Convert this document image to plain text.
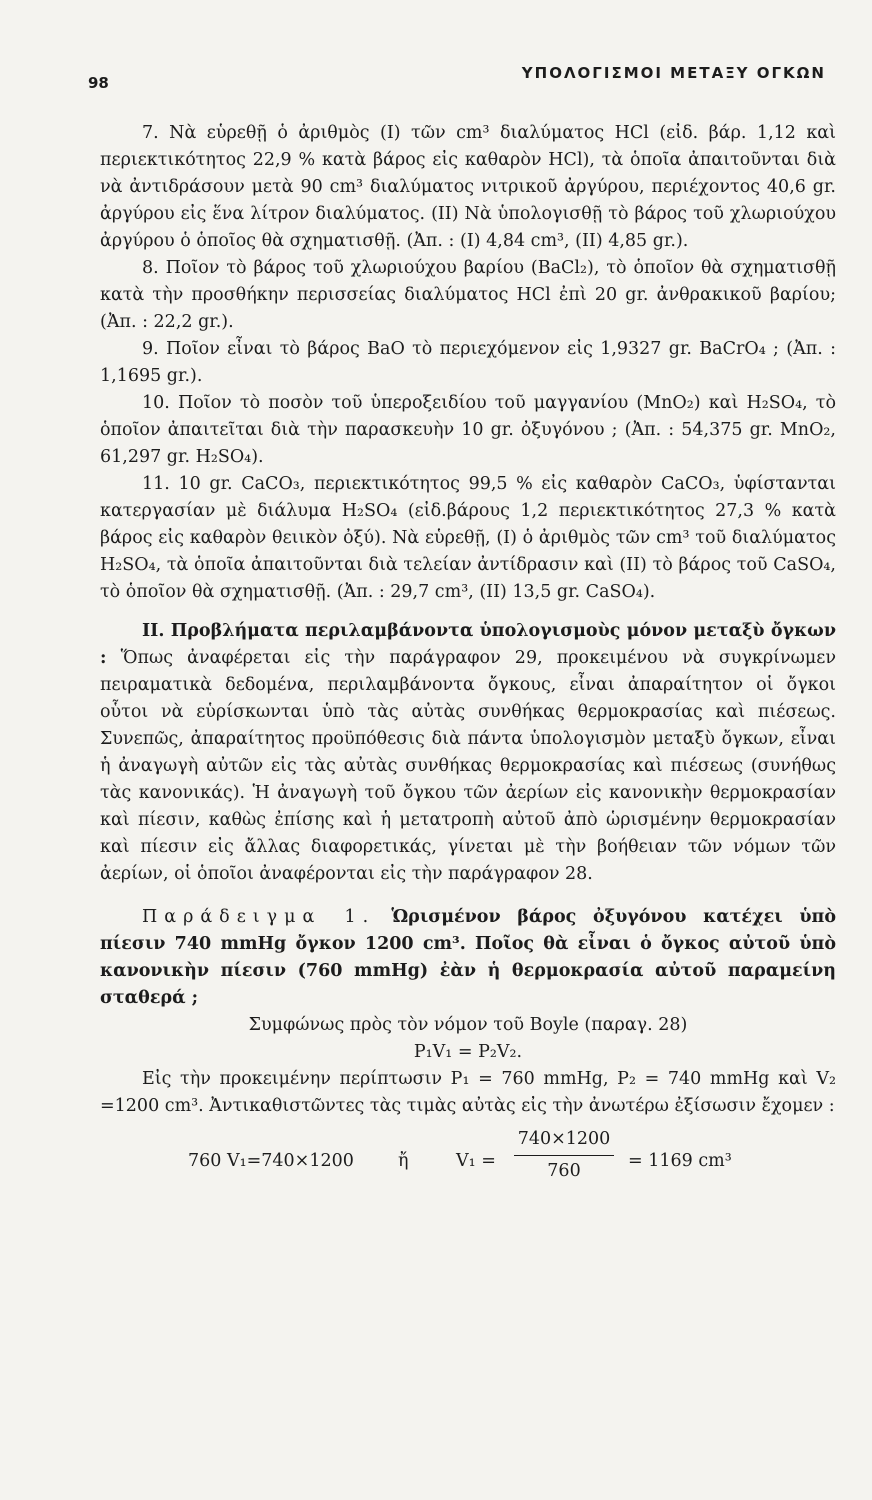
98
ΥΠΟΛΟΓΙΣΜΟΙ ΜΕΤΑΞΥ ΟΓΚΩΝ

7. Νὰ εὑρεθῇ ὁ ἀριθμὸς (I) τῶν cm³ διαλύματος HCl (εἰδ. βάρ. 1,12 καὶ περιεκτικότητος 22,9 % κατὰ βάρος εἰς καθαρὸν HCl), τὰ ὁποῖα ἀπαιτοῦνται διὰ νὰ ἀντιδράσουν μετὰ 90 cm³ διαλύματος νιτρικοῦ ἀργύρου, περιέχοντος 40,6 gr. ἀργύρου εἰς ἕνα λίτρον διαλύματος. (II) Νὰ ὑπολογισθῇ τὸ βάρος τοῦ χλωριούχου ἀργύρου ὁ ὁποῖος θὰ σχηματισθῇ. (Ἀπ. : (I) 4,84 cm³, (II) 4,85 gr.).

8. Ποῖον τὸ βάρος τοῦ χλωριούχου βαρίου (BaCl₂), τὸ ὁποῖον θὰ σχηματισθῇ κατὰ τὴν προσθήκην περισσείας διαλύματος HCl ἐπὶ 20 gr. ἀνθρακικοῦ βαρίου; (Ἀπ. : 22,2 gr.).

9. Ποῖον εἶναι τὸ βάρος BaO τὸ περιεχόμενον εἰς 1,9327 gr. BaCrO₄ ; (Ἀπ. : 1,1695 gr.).

10. Ποῖον τὸ ποσὸν τοῦ ὑπεροξειδίου τοῦ μαγγανίου (MnO₂) καὶ H₂SO₄, τὸ ὁποῖον ἀπαιτεῖται διὰ τὴν παρασκευὴν 10 gr. ὀξυγόνου ; (Ἀπ. : 54,375 gr. MnO₂, 61,297 gr. H₂SO₄).

11. 10 gr. CaCO₃, περιεκτικότητος 99,5 % εἰς καθαρὸν CaCO₃, ὑφίστανται κατεργασίαν μὲ διάλυμα H₂SO₄ (εἰδ.βάρους 1,2 περιεκτικότητος 27,3 % κατὰ βάρος εἰς καθαρὸν θειικὸν ὀξύ). Νὰ εὑρεθῇ, (I) ὁ ἀριθμὸς τῶν cm³ τοῦ διαλύματος H₂SO₄, τὰ ὁποῖα ἀπαιτοῦνται διὰ τελείαν ἀντίδρασιν καὶ (II) τὸ βάρος τοῦ CaSO₄, τὸ ὁποῖον θὰ σχηματισθῇ. (Ἀπ. : 29,7 cm³, (II) 13,5 gr. CaSO₄).

II. Προβλήματα περιλαμβάνοντα ὑπολογισμοὺς μόνον μεταξὺ ὄγκων : Ὅπως ἀναφέρεται εἰς τὴν παράγραφον 29, προκειμένου νὰ συγκρίνωμεν πειραματικὰ δεδομένα, περιλαμβάνοντα ὄγκους, εἶναι ἀπαραίτητον οἱ ὄγκοι οὗτοι νὰ εὑρίσκωνται ὑπὸ τὰς αὐτὰς συνθήκας θερμοκρασίας καὶ πιέσεως. Συνεπῶς, ἀπαραίτητος προϋπόθεσις διὰ πάντα ὑπολογισμὸν μεταξὺ ὄγκων, εἶναι ἡ ἀναγωγὴ αὐτῶν εἰς τὰς αὐτὰς συνθήκας θερμοκρασίας καὶ πιέσεως (συνήθως τὰς κανονικάς). Ἡ ἀναγωγὴ τοῦ ὄγκου τῶν ἀερίων εἰς κανονικὴν θερμοκρασίαν καὶ πίεσιν, καθὼς ἐπίσης καὶ ἡ μετατροπὴ αὐτοῦ ἀπὸ ὡρισμένην θερμοκρασίαν καὶ πίεσιν εἰς ἄλλας διαφορετικάς, γίνεται μὲ τὴν βοήθειαν τῶν νόμων τῶν ἀερίων, οἱ ὁποῖοι ἀναφέρονται εἰς τὴν παράγραφον 28.

Παράδειγμα 1. Ὡρισμένον βάρος ὀξυγόνου κατέχει ὑπὸ πίεσιν 740 mmHg ὄγκον 1200 cm³. Ποῖος θὰ εἶναι ὁ ὄγκος αὐτοῦ ὑπὸ κανονικὴν πίεσιν (760 mmHg) ἐὰν ἡ θερμοκρασία αὐτοῦ παραμείνη σταθερά ;

Συμφώνως πρὸς τὸν νόμον τοῦ Boyle (παραγ. 28)

P₁V₁ = P₂V₂.

Εἰς τὴν προκειμένην περίπτωσιν P₁ = 760 mmHg, P₂ = 740 mmHg καὶ V₂ =1200 cm³. Ἀντικαθιστῶντες τὰς τιμὰς αὐτὰς εἰς τὴν ἀνωτέρω ἐξίσωσιν ἔχομεν :

760 V₁=740×1200	ἤ	$V_1 = \frac{740\times 1200}{760} = 1169$ cm³
